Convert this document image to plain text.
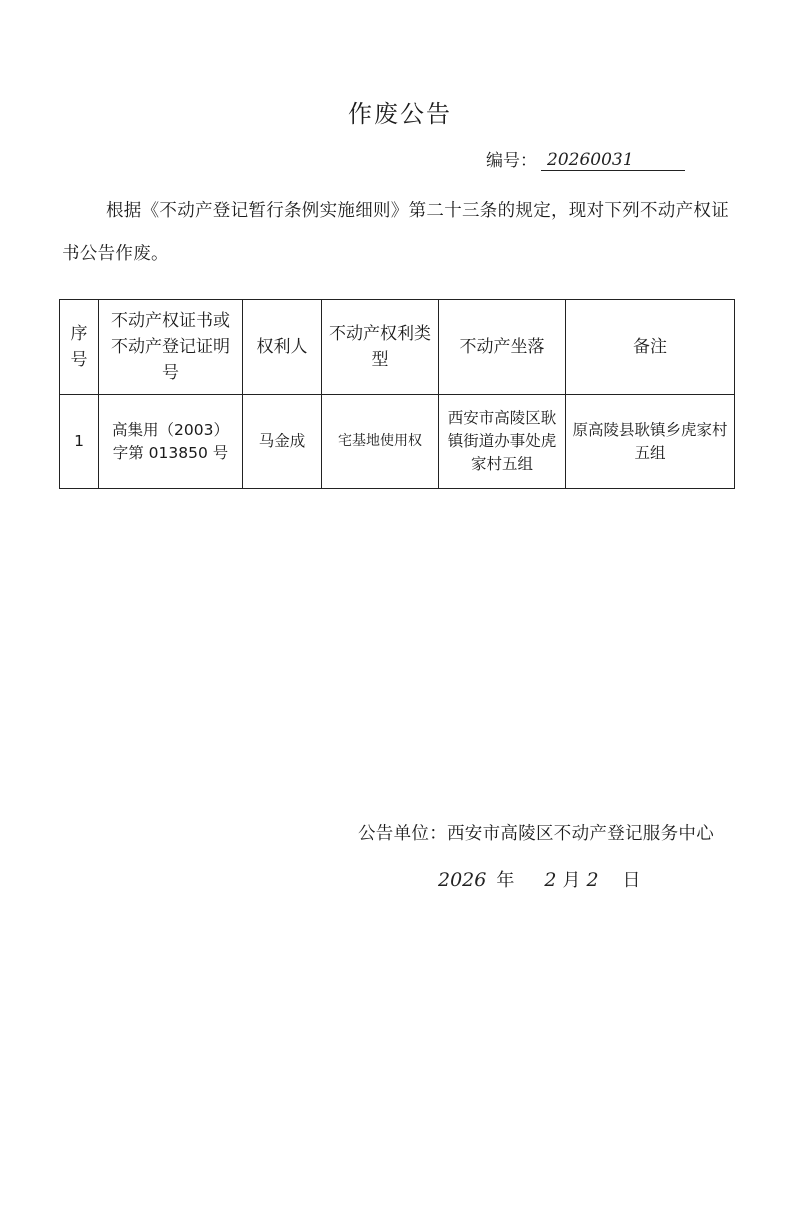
作废公告
编号： 20260031
根据《不动产登记暂行条例实施细则》第二十三条的规定，现对下列不动产权证书公告作废。
序号	不动产权证书或不动产登记证明号	权利人	不动产权利类型	不动产坐落	备注
1	高集用（2003）字第 013850 号	马金成	宅基地使用权	西安市高陵区耿镇街道办事处虎家村五组	原高陵县耿镇乡虎家村五组
公告单位：西安市高陵区不动产登记服务中心
2026 年 2 月 2 日
